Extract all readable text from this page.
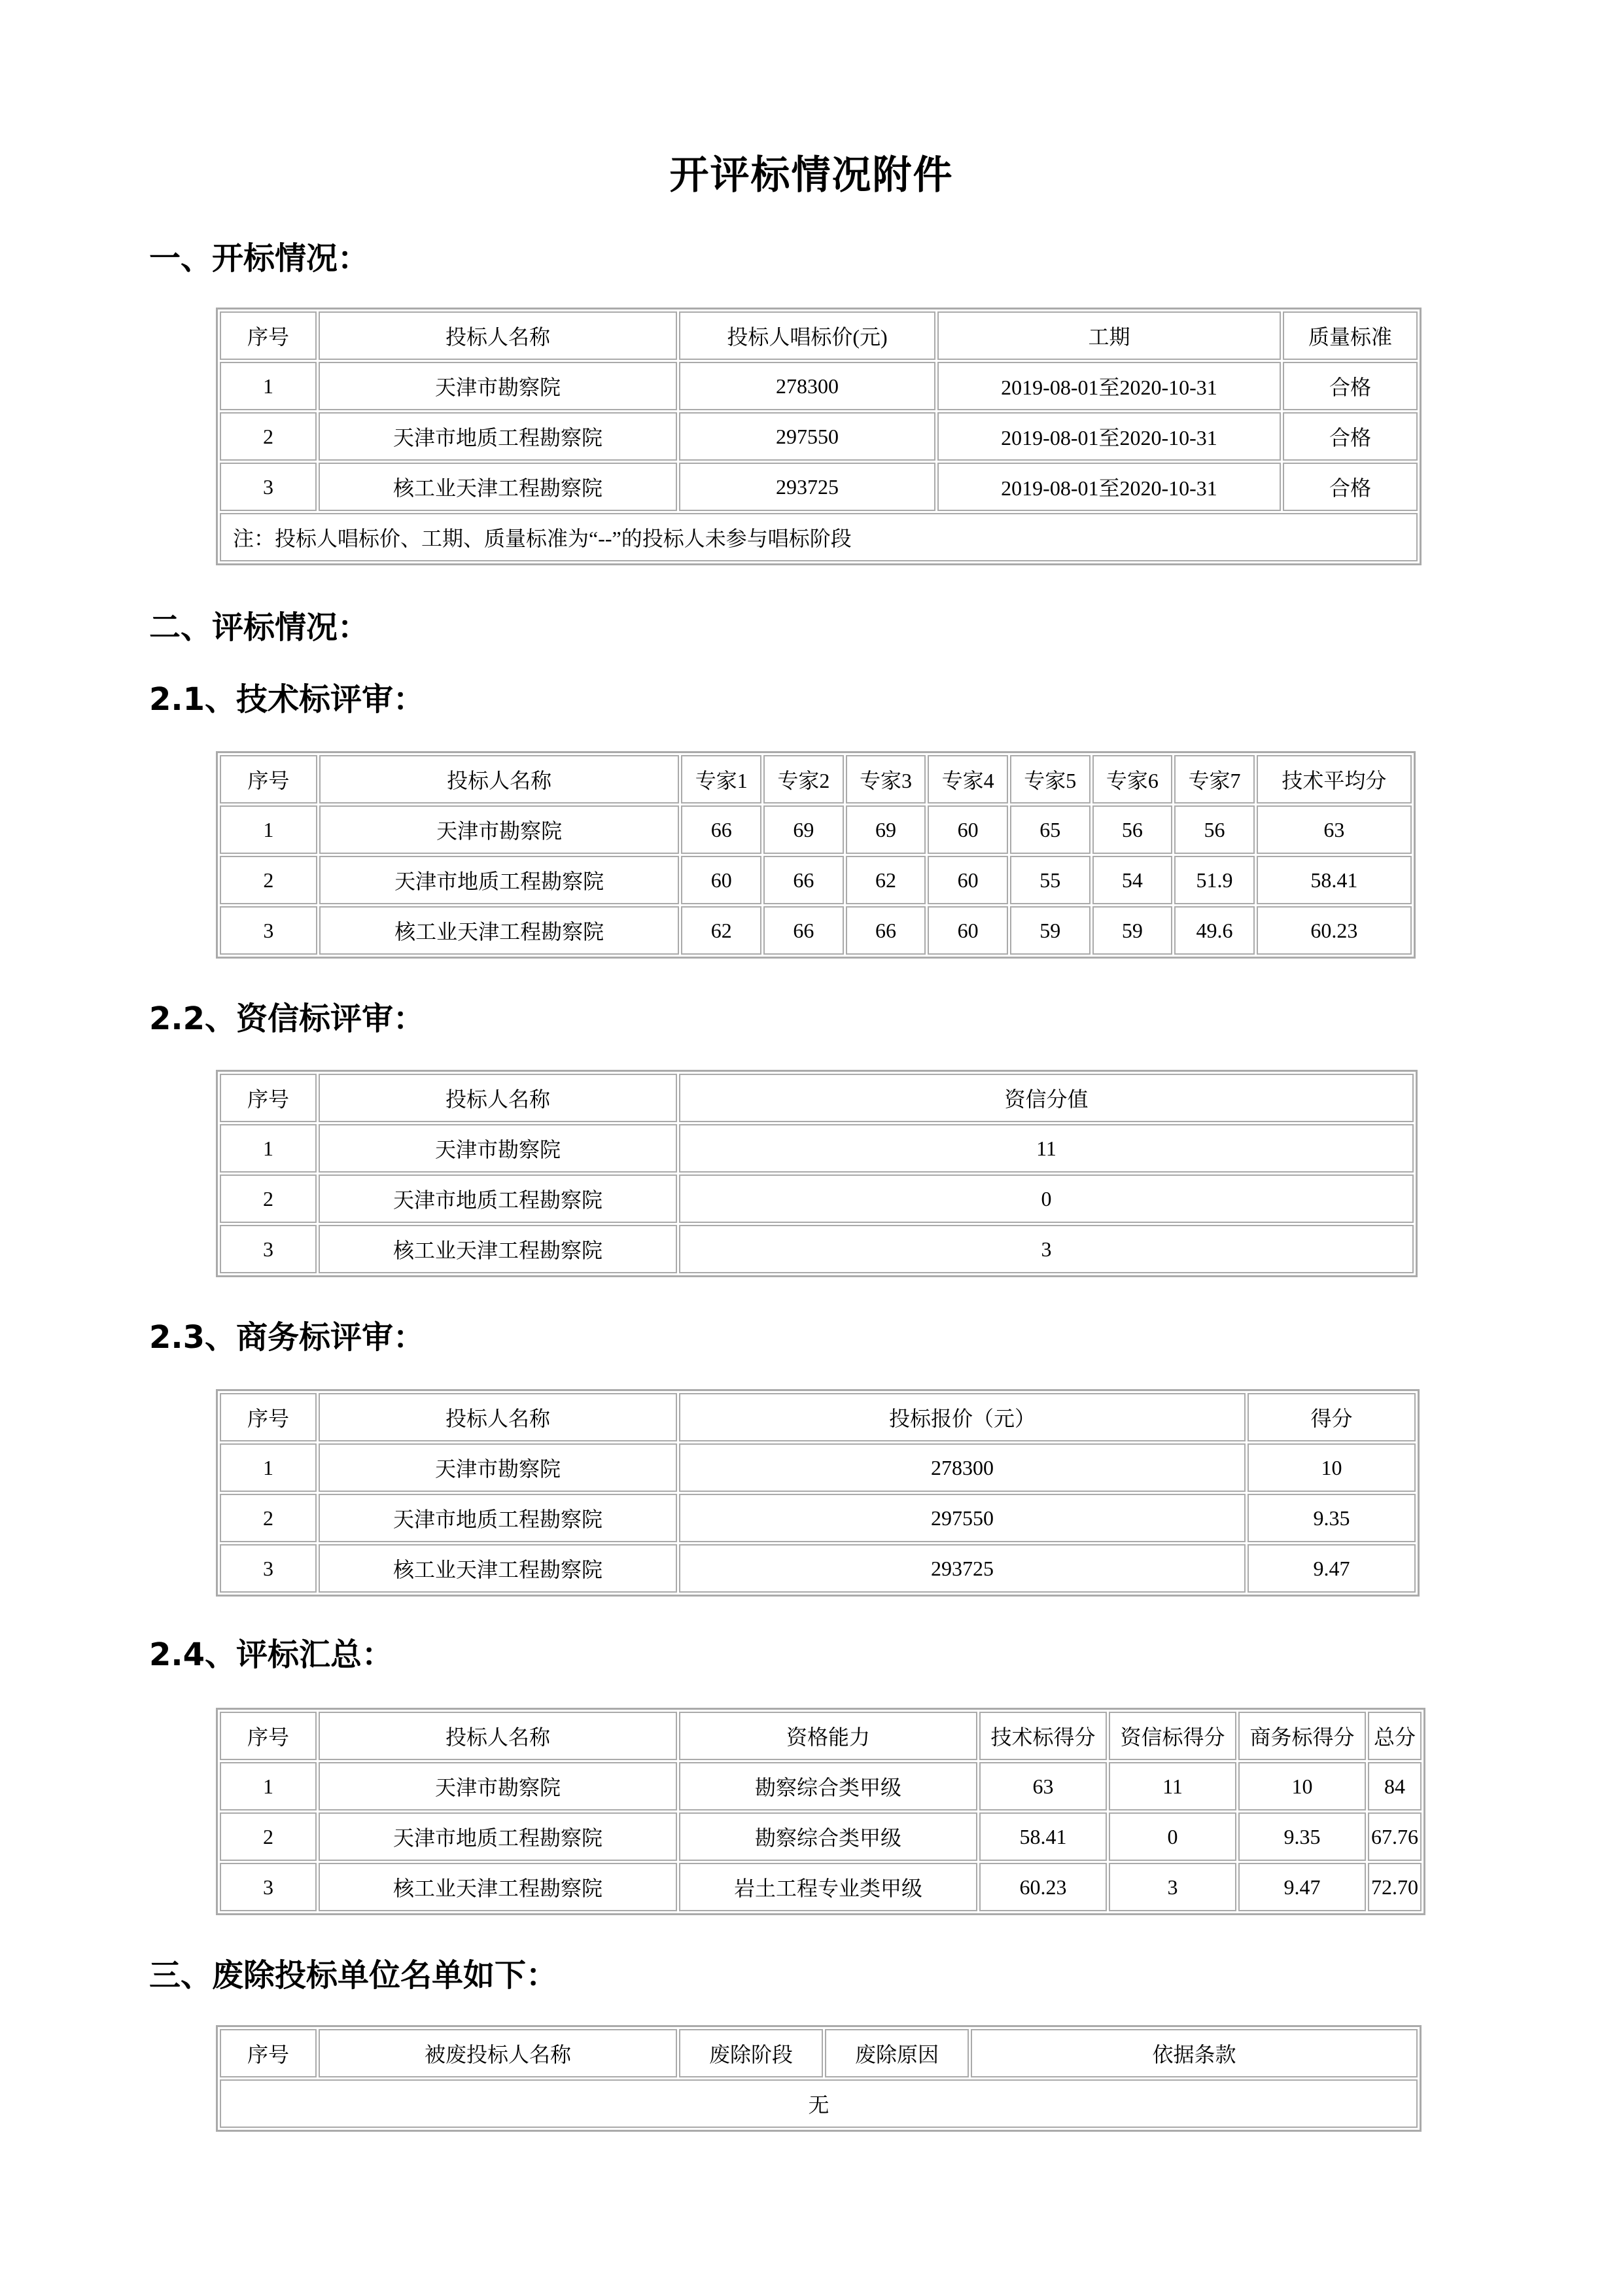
开评标情况附件
一、开标情况：
序号	投标人名称	投标人唱标价(元)	工期	质量标准
1	天津市勘察院	278300	2019-08-01至2020-10-31	合格
2	天津市地质工程勘察院	297550	2019-08-01至2020-10-31	合格
3	核工业天津工程勘察院	293725	2019-08-01至2020-10-31	合格
注：投标人唱标价、工期、质量标准为“--”的投标人未参与唱标阶段				
二、评标情况：
2.1、技术标评审：
序号	投标人名称	专家1	专家2	专家3	专家4	专家5	专家6	专家7	技术平均分
1	天津市勘察院	66	69	69	60	65	56	56	63
2	天津市地质工程勘察院	60	66	62	60	55	54	51.9	58.41
3	核工业天津工程勘察院	62	66	66	60	59	59	49.6	60.23
2.2、资信标评审：
序号	投标人名称	资信分值
1	天津市勘察院	11
2	天津市地质工程勘察院	0
3	核工业天津工程勘察院	3
2.3、商务标评审：
序号	投标人名称	投标报价（元）	得分
1	天津市勘察院	278300	10
2	天津市地质工程勘察院	297550	9.35
3	核工业天津工程勘察院	293725	9.47
2.4、评标汇总：
序号	投标人名称	资格能力	技术标得分	资信标得分	商务标得分	总分
1	天津市勘察院	勘察综合类甲级	63	11	10	84
2	天津市地质工程勘察院	勘察综合类甲级	58.41	0	9.35	67.76
3	核工业天津工程勘察院	岩土工程专业类甲级	60.23	3	9.47	72.70
三、废除投标单位名单如下：
序号	被废投标人名称	废除阶段	废除原因	依据条款
无
